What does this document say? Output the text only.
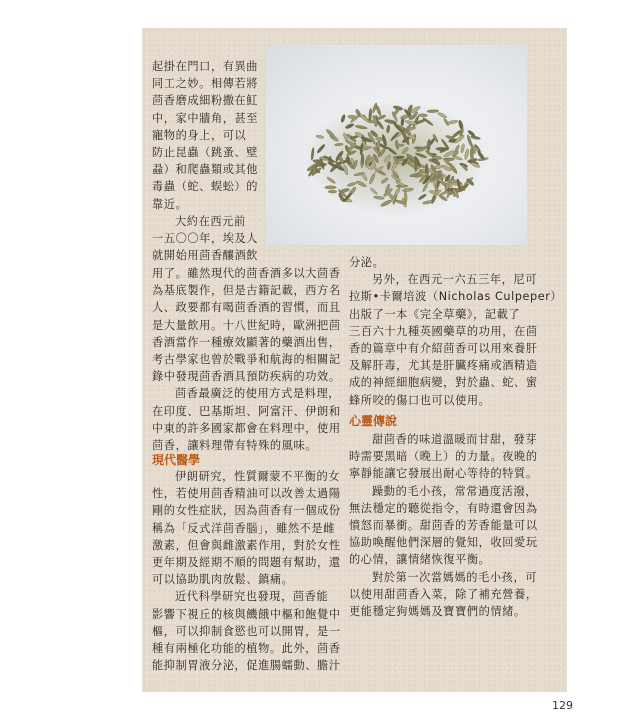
起掛在門口，有異曲
同工之妙。相傳若將
茴香磨成細粉撒在魟
中，家中牆角，甚至
寵物的身上，可以
防止昆蟲（跳蚤、壁
蝨）和爬蟲類或其他
毒蟲（蛇、蜈蚣）的
靠近。
大約在西元前
一五〇〇年，埃及人
就開始用茴香釀酒飲
用了。雖然現代的茴香酒多以大茴香
為基底製作，但是古籍記載，西方名
人、政要都有喝茴香酒的習慣，而且
是大量飲用。十八世紀時，歐洲把茴
香酒當作一種療效顯著的藥酒出售，
考古學家也曾於戰爭和航海的相關記
錄中發現茴香酒具預防疾病的功效。
茴香最廣泛的使用方式是料理，
在印度、巴基斯坦、阿富汗、伊朗和
中東的許多國家都會在料理中，使用
茴香，讓料理帶有特殊的風味。
現代醫學
伊朗研究，性質爾蒙不平衡的女
性，若使用茴香精油可以改善太過陽
剛的女性症狀，因為茴香有一個成份
稱為「反式洋茴香腦」，雖然不是雌
激素，但會與雌激素作用，對於女性
更年期及經期不順的問題有幫助，還
可以協助肌肉放鬆、鎮痛。
近代科學研究也發現，茴香能
影響下視丘的核與饑餓中樞和飽覺中
樞，可以抑制食慾也可以開胃，是一
種有兩極化功能的植物。此外，茴香
能抑制胃液分泌，促進腸蠕動、膽汁
分泌。
另外，在西元一六五三年，尼可
拉斯•卡爾培波（Nicholas Culpeper）
出版了一本《完全草藥》，記載了
三百六十九種英國藥草的功用，在茴
香的篇章中有介紹茴香可以用來養肝
及解肝毒，尤其是肝臟疼痛或酒精造
成的神經細胞病變，對於蟲、蛇、蜜
蜂所咬的傷口也可以使用。
心靈傳說
甜茴香的味道溫暖而甘甜，發芽
時需要黑暗（晚上）的力量。夜晚的
寧靜能讓它發展出耐心等待的特質。
躁動的毛小孩，常常過度活潑，
無法穩定的聽從指令，有時還會因為
憤怒而暴衝。甜茴香的芳香能量可以
協助喚醒他們深層的覺知，收回愛玩
的心情，讓情緒恢復平衡。
對於第一次當媽媽的毛小孩，可
以使用甜茴香入菜，除了補充營養，
更能穩定狗媽媽及寶寶們的情緒。
129
